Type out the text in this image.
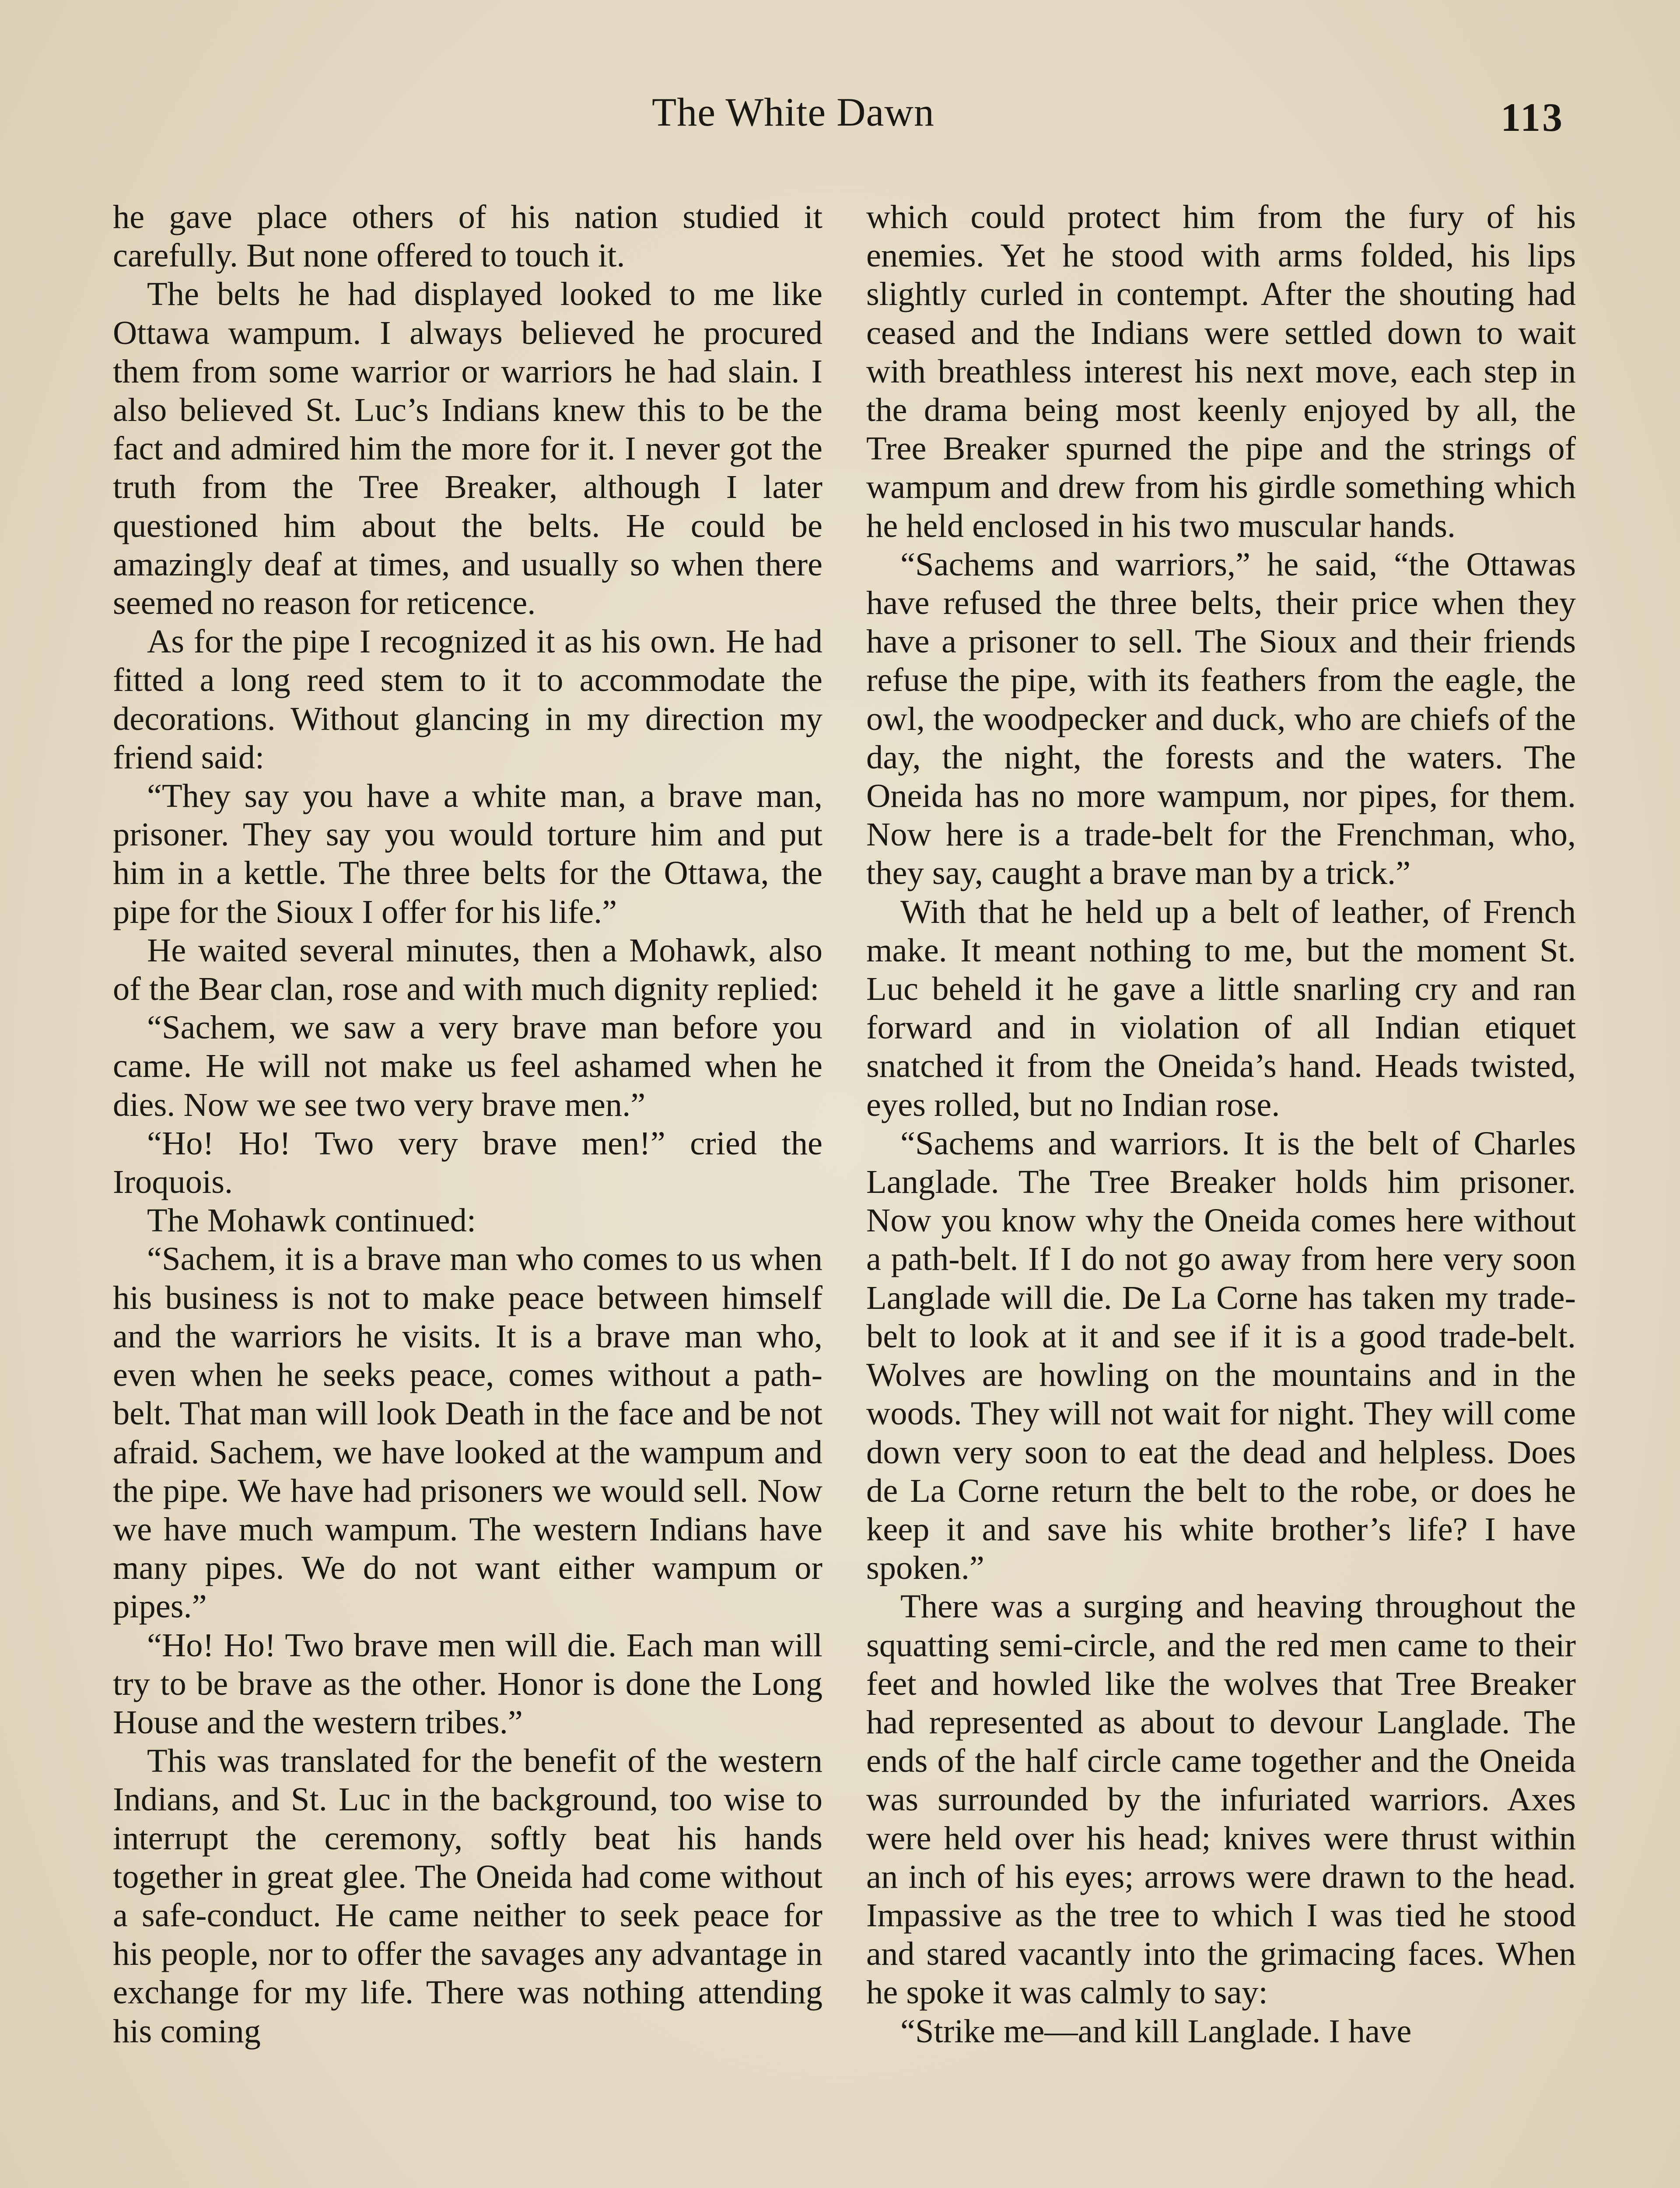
The White Dawn	113

he gave place others of his nation studied it carefully. But none offered to touch it.

The belts he had displayed looked to me like Ottawa wampum. I always believed he procured them from some warrior or warriors he had slain. I also believed St. Luc’s Indians knew this to be the fact and admired him the more for it. I never got the truth from the Tree Breaker, although I later questioned him about the belts. He could be amazingly deaf at times, and usually so when there seemed no reason for reticence.

As for the pipe I recognized it as his own. He had fitted a long reed stem to it to accommodate the decorations. Without glancing in my direction my friend said:

“They say you have a white man, a brave man, prisoner. They say you would torture him and put him in a kettle. The three belts for the Ottawa, the pipe for the Sioux I offer for his life.”

He waited several minutes, then a Mohawk, also of the Bear clan, rose and with much dignity replied:

“Sachem, we saw a very brave man before you came. He will not make us feel ashamed when he dies. Now we see two very brave men.”

“Ho! Ho! Two very brave men!” cried the Iroquois.

The Mohawk continued:

“Sachem, it is a brave man who comes to us when his business is not to make peace between himself and the warriors he visits. It is a brave man who, even when he seeks peace, comes without a path-belt. That man will look Death in the face and be not afraid. Sachem, we have looked at the wampum and the pipe. We have had prisoners we would sell. Now we have much wampum. The western Indians have many pipes. We do not want either wampum or pipes.”

“Ho! Ho! Two brave men will die. Each man will try to be brave as the other. Honor is done the Long House and the western tribes.”

This was translated for the benefit of the western Indians, and St. Luc in the background, too wise to interrupt the ceremony, softly beat his hands together in great glee. The Oneida had come without a safe-conduct. He came neither to seek peace for his people, nor to offer the savages any advantage in exchange for my life. There was nothing attending his coming

which could protect him from the fury of his enemies. Yet he stood with arms folded, his lips slightly curled in contempt. After the shouting had ceased and the Indians were settled down to wait with breathless interest his next move, each step in the drama being most keenly enjoyed by all, the Tree Breaker spurned the pipe and the strings of wampum and drew from his girdle something which he held enclosed in his two muscular hands.

“Sachems and warriors,” he said, “the Ottawas have refused the three belts, their price when they have a prisoner to sell. The Sioux and their friends refuse the pipe, with its feathers from the eagle, the owl, the woodpecker and duck, who are chiefs of the day, the night, the forests and the waters. The Oneida has no more wampum, nor pipes, for them. Now here is a trade-belt for the Frenchman, who, they say, caught a brave man by a trick.”

With that he held up a belt of leather, of French make. It meant nothing to me, but the moment St. Luc beheld it he gave a little snarling cry and ran forward and in violation of all Indian etiquet snatched it from the Oneida’s hand. Heads twisted, eyes rolled, but no Indian rose.

“Sachems and warriors. It is the belt of Charles Langlade. The Tree Breaker holds him prisoner. Now you know why the Oneida comes here without a path-belt. If I do not go away from here very soon Langlade will die. De La Corne has taken my trade-belt to look at it and see if it is a good trade-belt. Wolves are howling on the mountains and in the woods. They will not wait for night. They will come down very soon to eat the dead and helpless. Does de La Corne return the belt to the robe, or does he keep it and save his white brother’s life? I have spoken.”

There was a surging and heaving throughout the squatting semi-circle, and the red men came to their feet and howled like the wolves that Tree Breaker had represented as about to devour Langlade. The ends of the half circle came together and the Oneida was surrounded by the infuriated warriors. Axes were held over his head; knives were thrust within an inch of his eyes; arrows were drawn to the head. Impassive as the tree to which I was tied he stood and stared vacantly into the grimacing faces. When he spoke it was calmly to say:

“Strike me—and kill Langlade. I have
